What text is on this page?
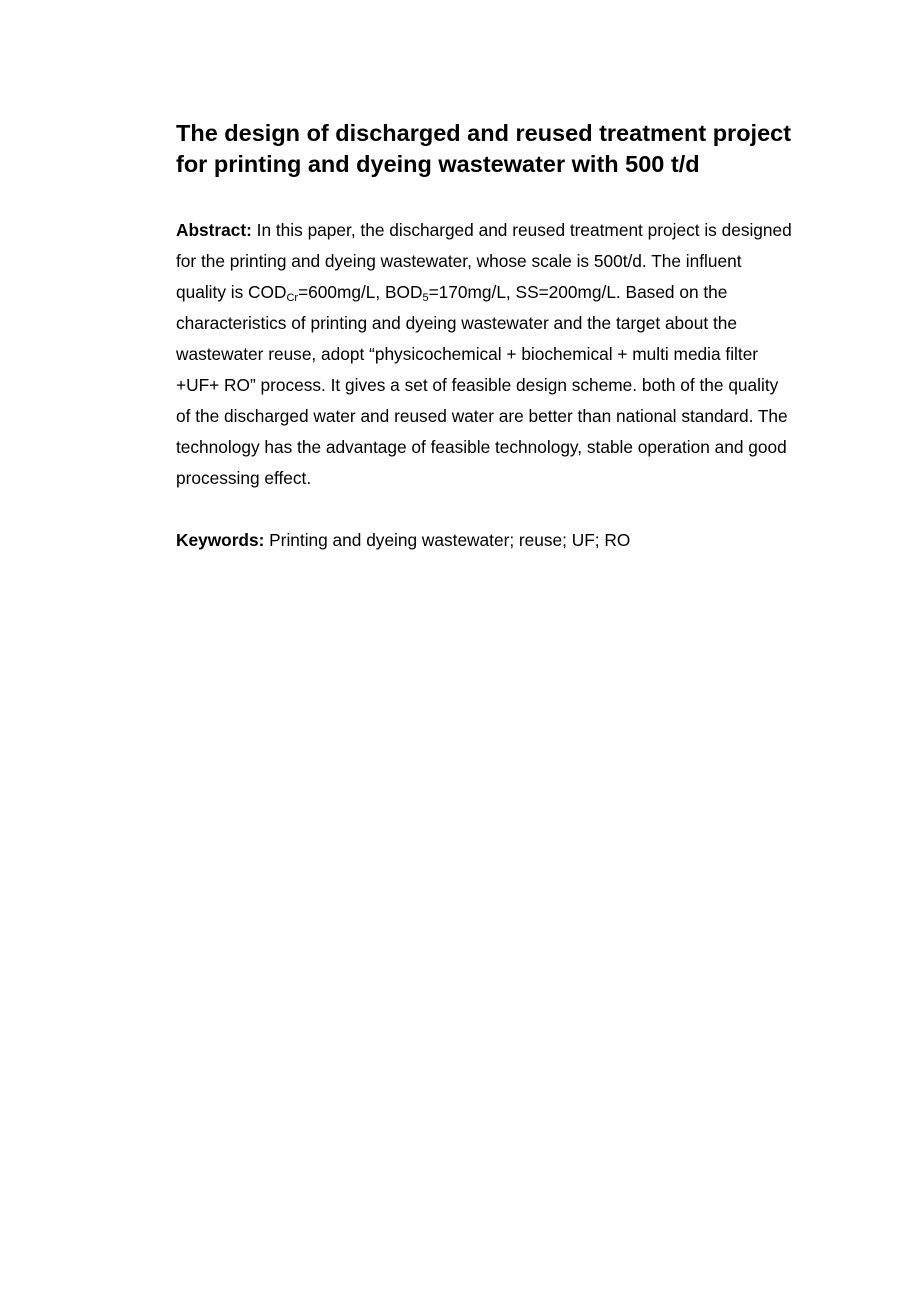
The design of discharged and reused treatment project
for printing and dyeing wastewater with 500 t/d
Abstract: In this paper, the discharged and reused treatment project is designed
for the printing and dyeing wastewater, whose scale is 500t/d. The influent
quality is $COD_{Cr}=600mg/L$, $BOD_5=170mg/L$, SS=200mg/L. Based on the
characteristics of printing and dyeing wastewater and the target about the
wastewater reuse, adopt “physicochemical + biochemical + multi media filter
+UF+ RO” process. It gives a set of feasible design scheme. both of the quality
of the discharged water and reused water are better than national standard. The
technology has the advantage of feasible technology, stable operation and good
processing effect.

Keywords: Printing and dyeing wastewater; reuse; UF; RO
